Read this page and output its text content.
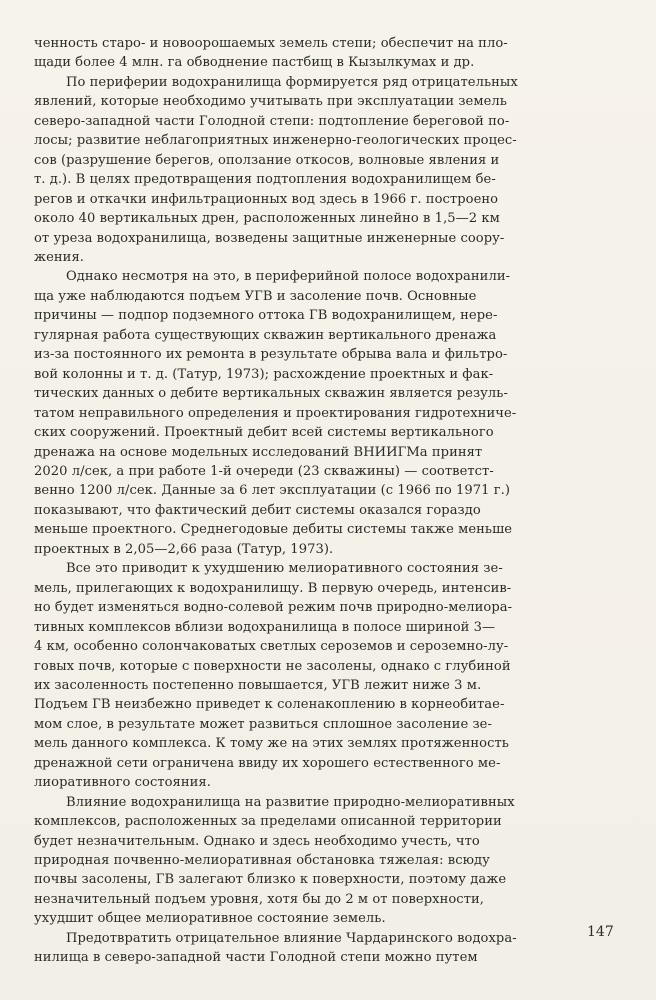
ченность старо- и новоорошаемых земель степи; обеспечит на пло-
щади более 4 млн. га обводнение пастбищ в Кызылкумах и др.

По периферии водохранилища формируется ряд отрицательных
явлений, которые необходимо учитывать при эксплуатации земель
северо-западной части Голодной степи: подтопление береговой по-
лосы; развитие неблагоприятных инженерно-геологических процес-
сов (разрушение берегов, оползание откосов, волновые явления и
т. д.). В целях предотвращения подтопления водохранилищем бе-
регов и откачки инфильтрационных вод здесь в 1966 г. построено
около 40 вертикальных дрен, расположенных линейно в 1,5—2 км
от уреза водохранилища, возведены защитные инженерные соору-
жения.

Однако несмотря на это, в периферийной полосе водохранили-
ща уже наблюдаются подъем УГВ и засоление почв. Основные
причины — подпор подземного оттока ГВ водохранилищем, нере-
гулярная работа существующих скважин вертикального дренажа
из-за постоянного их ремонта в результате обрыва вала и фильтро-
вой колонны и т. д. (Татур, 1973); расхождение проектных и фак-
тических данных о дебите вертикальных скважин является резуль-
татом неправильного определения и проектирования гидротехниче-
ских сооружений. Проектный дебит всей системы вертикального
дренажа на основе модельных исследований ВНИИГМа принят
2020 л/сек, а при работе 1-й очереди (23 скважины) — соответст-
венно 1200 л/сек. Данные за 6 лет эксплуатации (с 1966 по 1971 г.)
показывают, что фактический дебит системы оказался гораздо
меньше проектного. Среднегодовые дебиты системы также меньше
проектных в 2,05—2,66 раза (Татур, 1973).

Все это приводит к ухудшению мелиоративного состояния зе-
мель, прилегающих к водохранилищу. В первую очередь, интенсив-
но будет изменяться водно-солевой режим почв природно-мелиора-
тивных комплексов вблизи водохранилища в полосе шириной 3—
4 км, особенно солончаковатых светлых сероземов и сероземно-лу-
говых почв, которые с поверхности не засолены, однако с глубиной
их засоленность постепенно повышается, УГВ лежит ниже 3 м.
Подъем ГВ неизбежно приведет к соленакоплению в корнеобитае-
мом слое, в результате может развиться сплошное засоление зе-
мель данного комплекса. К тому же на этих землях протяженность
дренажной сети ограничена ввиду их хорошего естественного ме-
лиоративного состояния.

Влияние водохранилища на развитие природно-мелиоративных
комплексов, расположенных за пределами описанной территории
будет незначительным. Однако и здесь необходимо учесть, что
природная почвенно-мелиоративная обстановка тяжелая: всюду
почвы засолены, ГВ залегают близко к поверхности, поэтому даже
незначительный подъем уровня, хотя бы до 2 м от поверхности,
ухудшит общее мелиоративное состояние земель.

Предотвратить отрицательное влияние Чардаринского водохра-
нилища в северо-западной части Голодной степи можно путем

147
